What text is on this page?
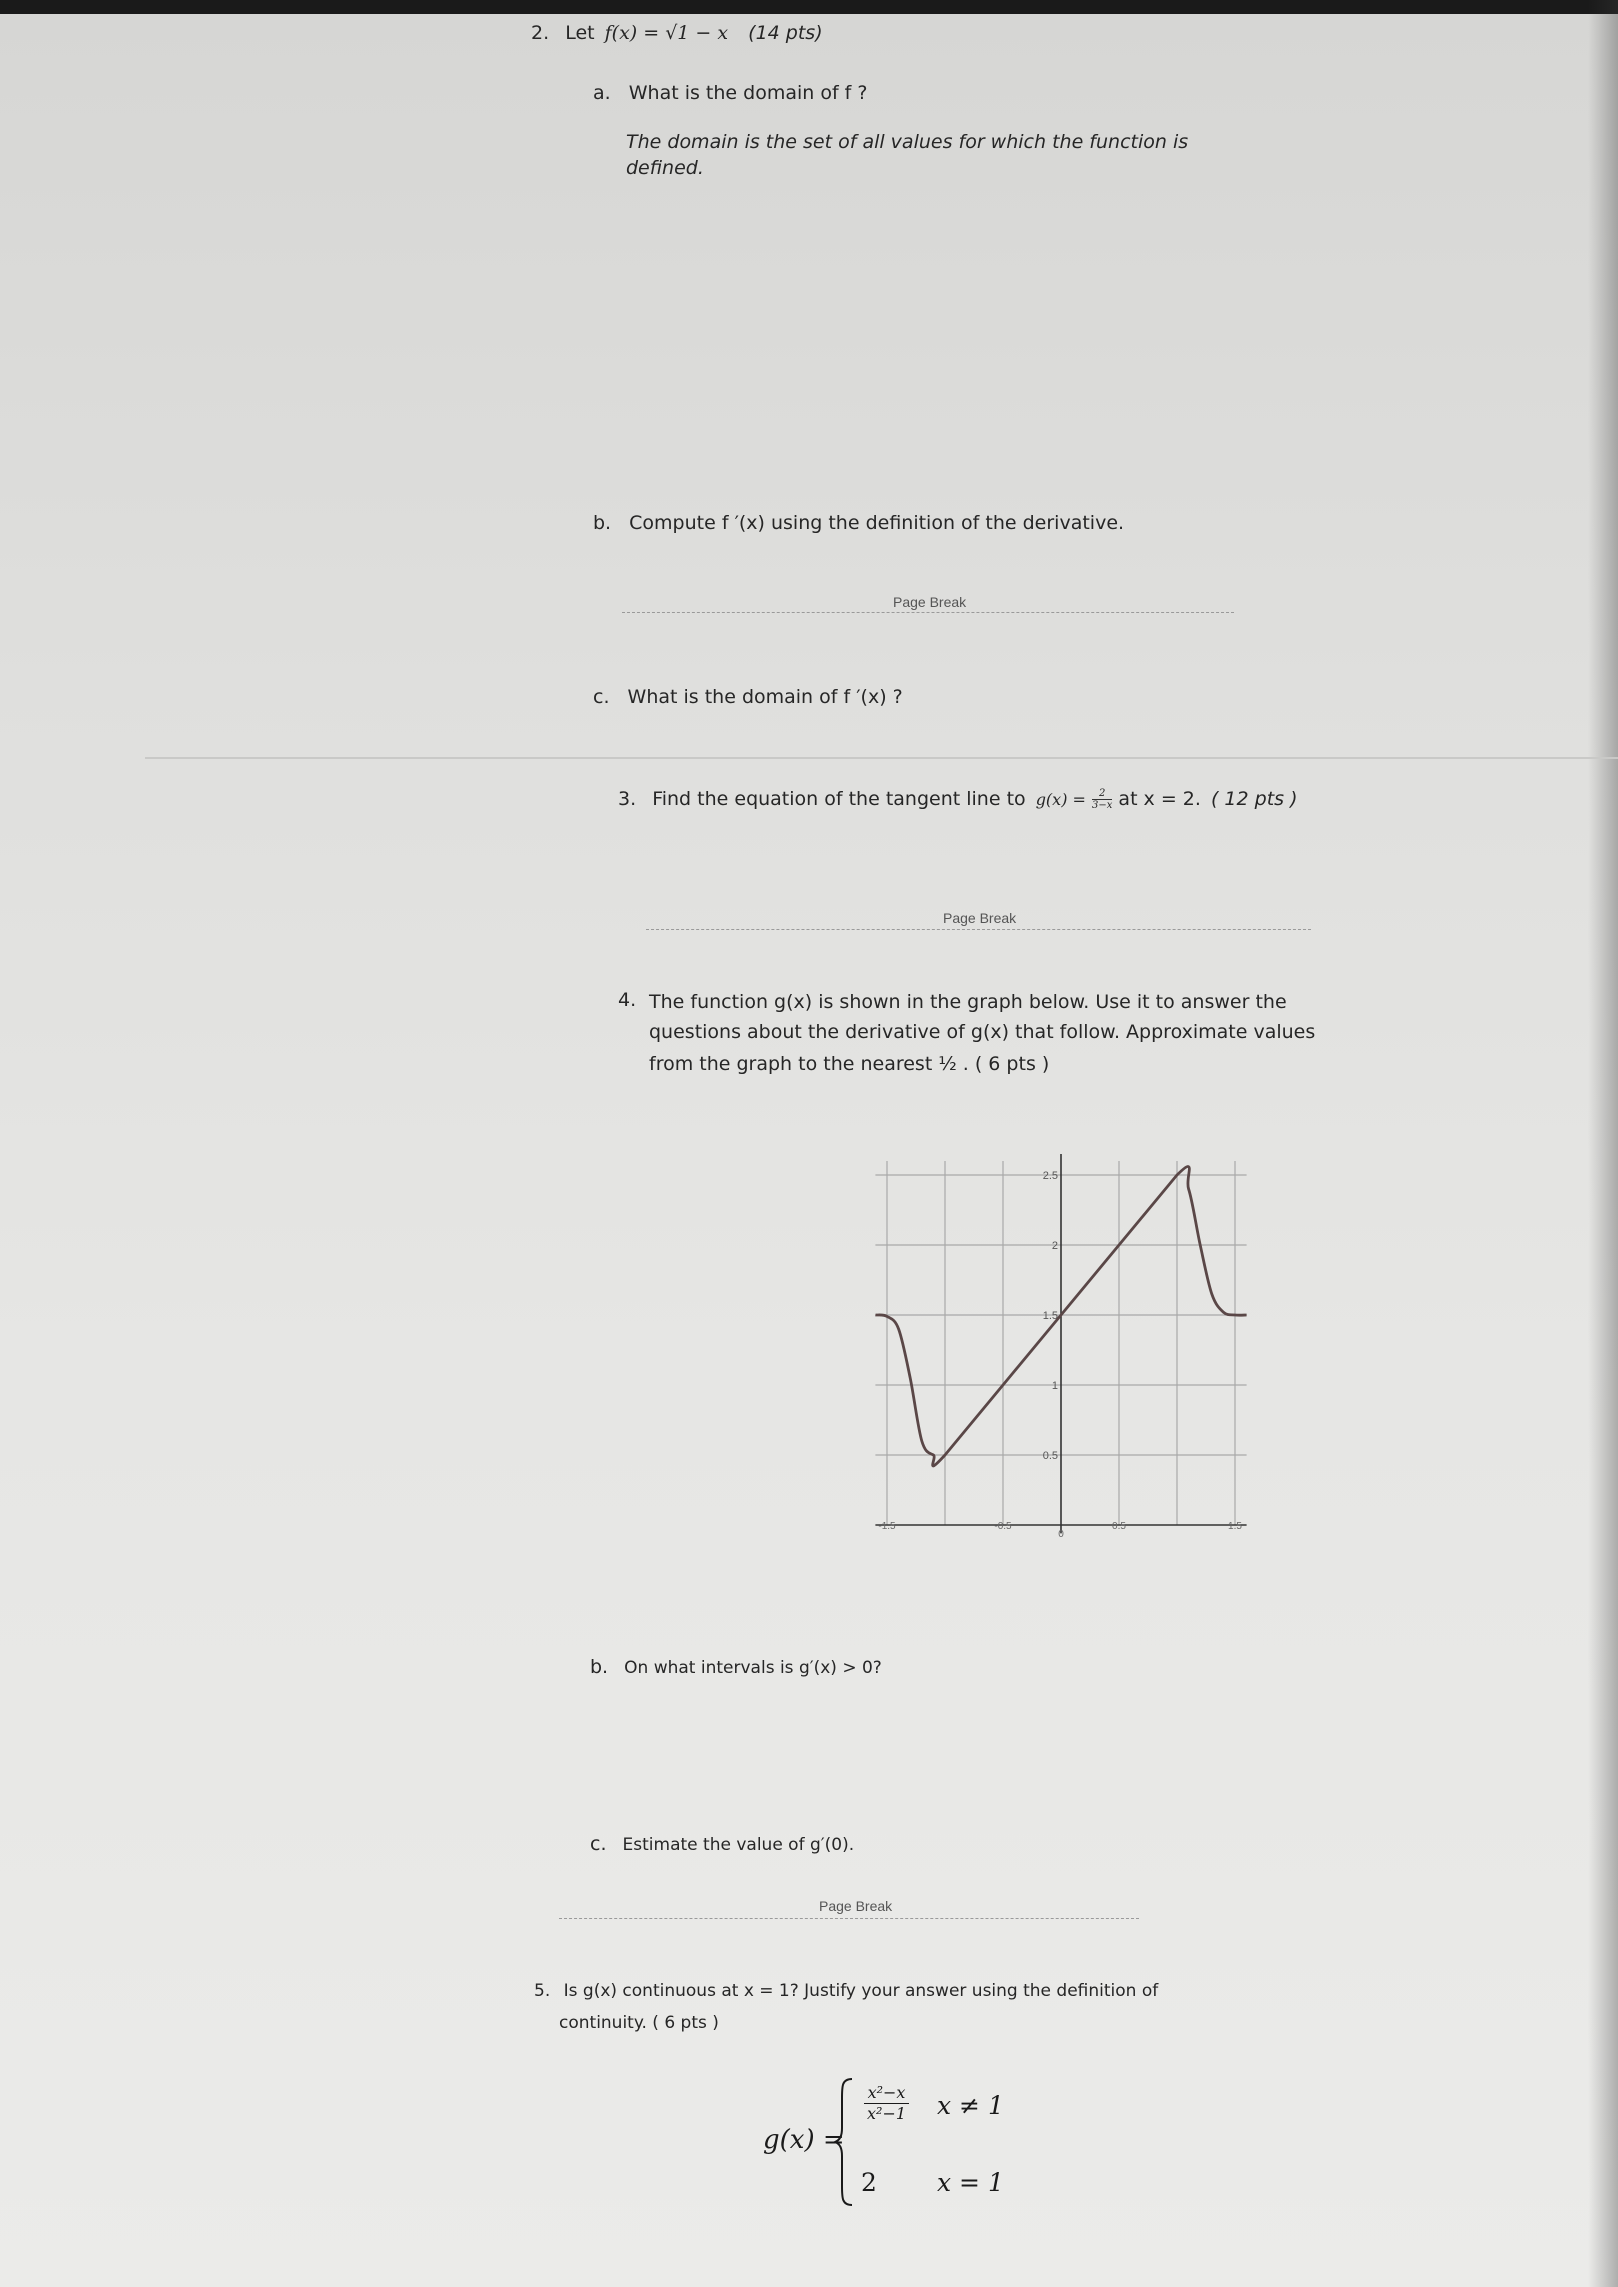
2. Let f(x) = √1 − x (14 pts)
a. What is the domain of f ?
The domain is the set of all values for which the function is
defined.
b. Compute f ′(x) using the definition of the derivative.
Page Break
c. What is the domain of f ′(x) ?
3. Find the equation of the tangent line to $g(x) = \frac{2}{3-x}$ at x = 2. ( 12 pts )
Page Break
4. The function g(x) is shown in the graph below. Use it to answer the
questions about the derivative of g(x) that follow. Approximate values
from the graph to the nearest ½ . ( 6 pts )
0.5
1
1.5
2
2.5
-1.5	-0.5
0
0.5	1.5
b. On what intervals is g′(x) > 0?
c. Estimate the value of g′(0).
Page Break
5. Is g(x) continuous at x = 1? Justify your answer using the definition of
continuity. ( 6 pts )
g(x) =
$\frac{\text{x²−x}}{\text{x²−1}}$ x ≠ 1
2 x = 1
